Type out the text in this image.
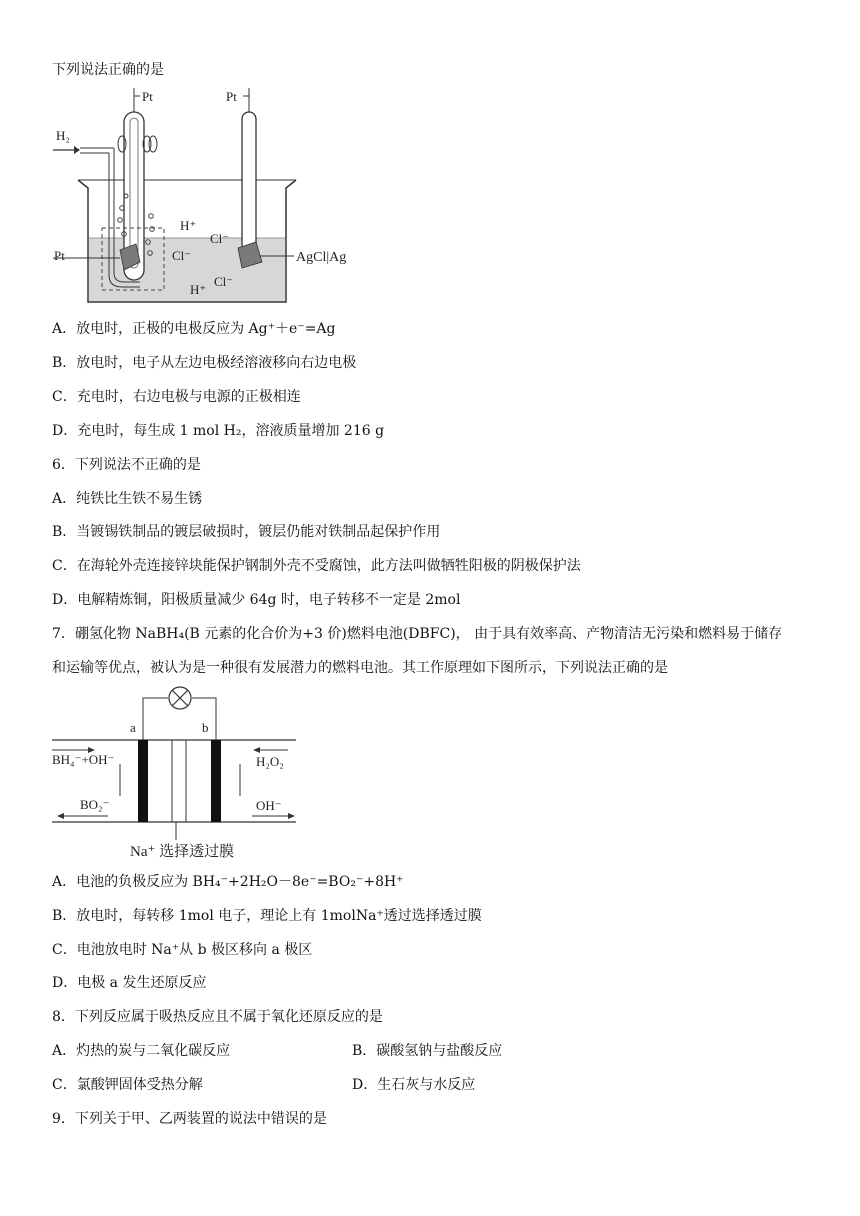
下列说法正确的是
Pt
H₂
Pt
Pt
AgCl|Ag
H⁺
Cl⁻
Cl⁻
H⁺
Cl⁻
A．放电时，正极的电极反应为 Ag⁺＋e⁻=Ag
B．放电时，电子从左边电极经溶液移向右边电极
C．充电时，右边电极与电源的正极相连
D．充电时，每生成 1 mol H₂，溶液质量增加 216 g
6．下列说法不正确的是
A．纯铁比生铁不易生锈
B．当镀锡铁制品的镀层破损时，镀层仍能对铁制品起保护作用
C．在海轮外壳连接锌块能保护钢制外壳不受腐蚀，此方法叫做牺牲阳极的阴极保护法
D．电解精炼铜，阳极质量减少 64g 时，电子转移不一定是 2mol
7．硼氢化物 NaBH₄(B 元素的化合价为+3 价)燃料电池(DBFC)， 由于具有效率高、产物清洁无污染和燃料易于储存
和运输等优点，被认为是一种很有发展潜力的燃料电池。其工作原理如下图所示，下列说法正确的是
a	b
BH₄⁻+OH⁻
BO₂⁻
H₂O₂
OH⁻
Na⁺ 选择透过膜
A．电池的负极反应为 BH₄⁻+2H₂O－8e⁻=BO₂⁻+8H⁺
B．放电时，每转移 1mol 电子，理论上有 1molNa⁺透过选择透过膜
C．电池放电时 Na⁺从 b 极区移向 a 极区
D．电极 a 发生还原反应
8．下列反应属于吸热反应且不属于氧化还原反应的是
A．灼热的炭与二氧化碳反应	B．碳酸氢钠与盐酸反应
C．氯酸钾固体受热分解	D．生石灰与水反应
9．下列关于甲、乙两装置的说法中错误的是
